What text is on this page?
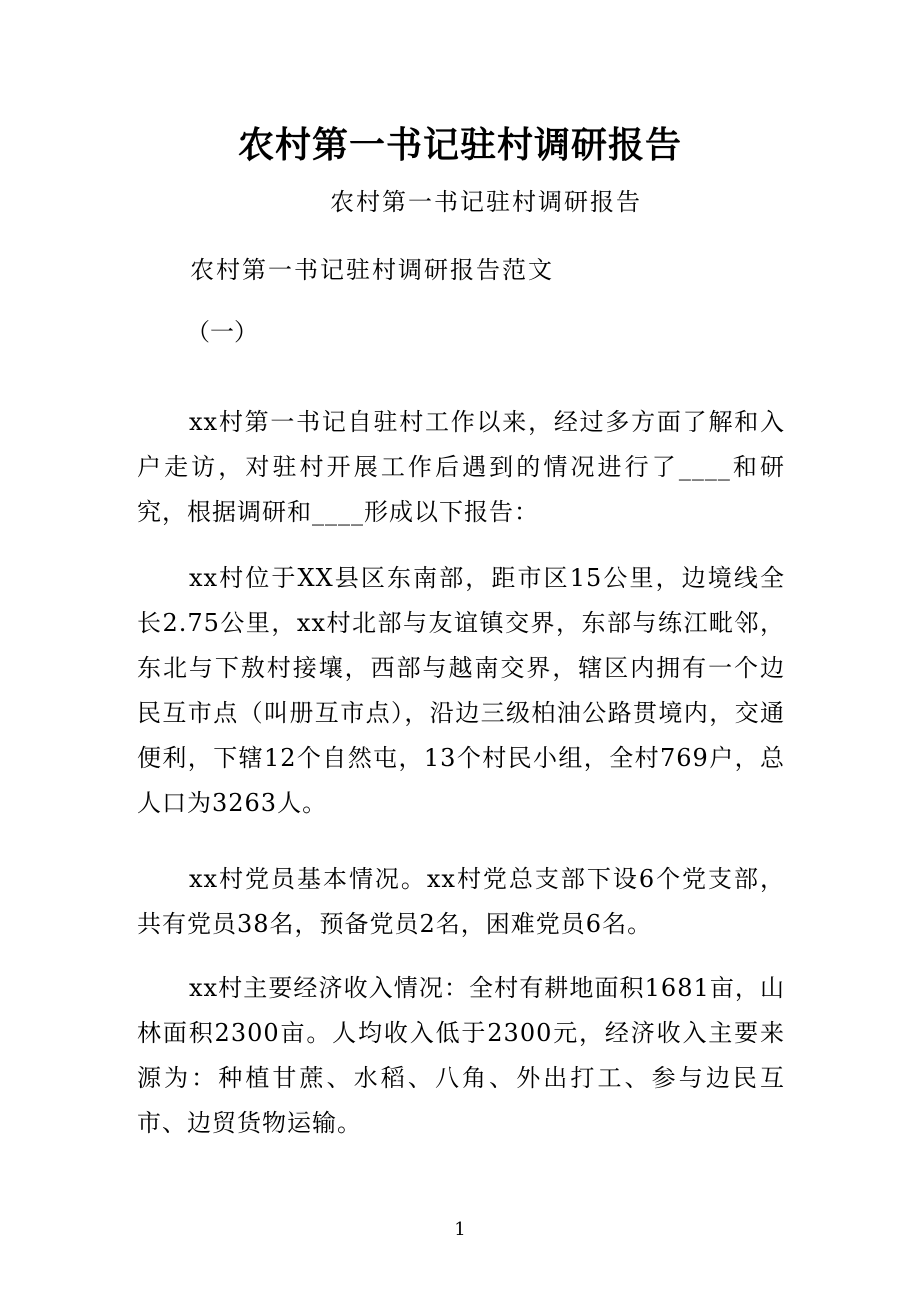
农村第一书记驻村调研报告
农村第一书记驻村调研报告
农村第一书记驻村调研报告范文
（一）

xx村第一书记自驻村工作以来，经过多方面了解和入户走访，对驻村开展工作后遇到的情况进行了____和研究，根据调研和____形成以下报告：

xx村位于XX县区东南部，距市区15公里，边境线全长2.75公里，xx村北部与友谊镇交界，东部与练江毗邻，东北与下敖村接壤，西部与越南交界，辖区内拥有一个边民互市点（叫册互市点），沿边三级柏油公路贯境内，交通便利，下辖12个自然屯，13个村民小组，全村769户，总人口为3263人。

xx村党员基本情况。xx村党总支部下设6个党支部，共有党员38名，预备党员2名，困难党员6名。

xx村主要经济收入情况：全村有耕地面积1681亩，山林面积2300亩。人均收入低于2300元，经济收入主要来源为：种植甘蔗、水稻、八角、外出打工、参与边民互市、边贸货物运输。

1
